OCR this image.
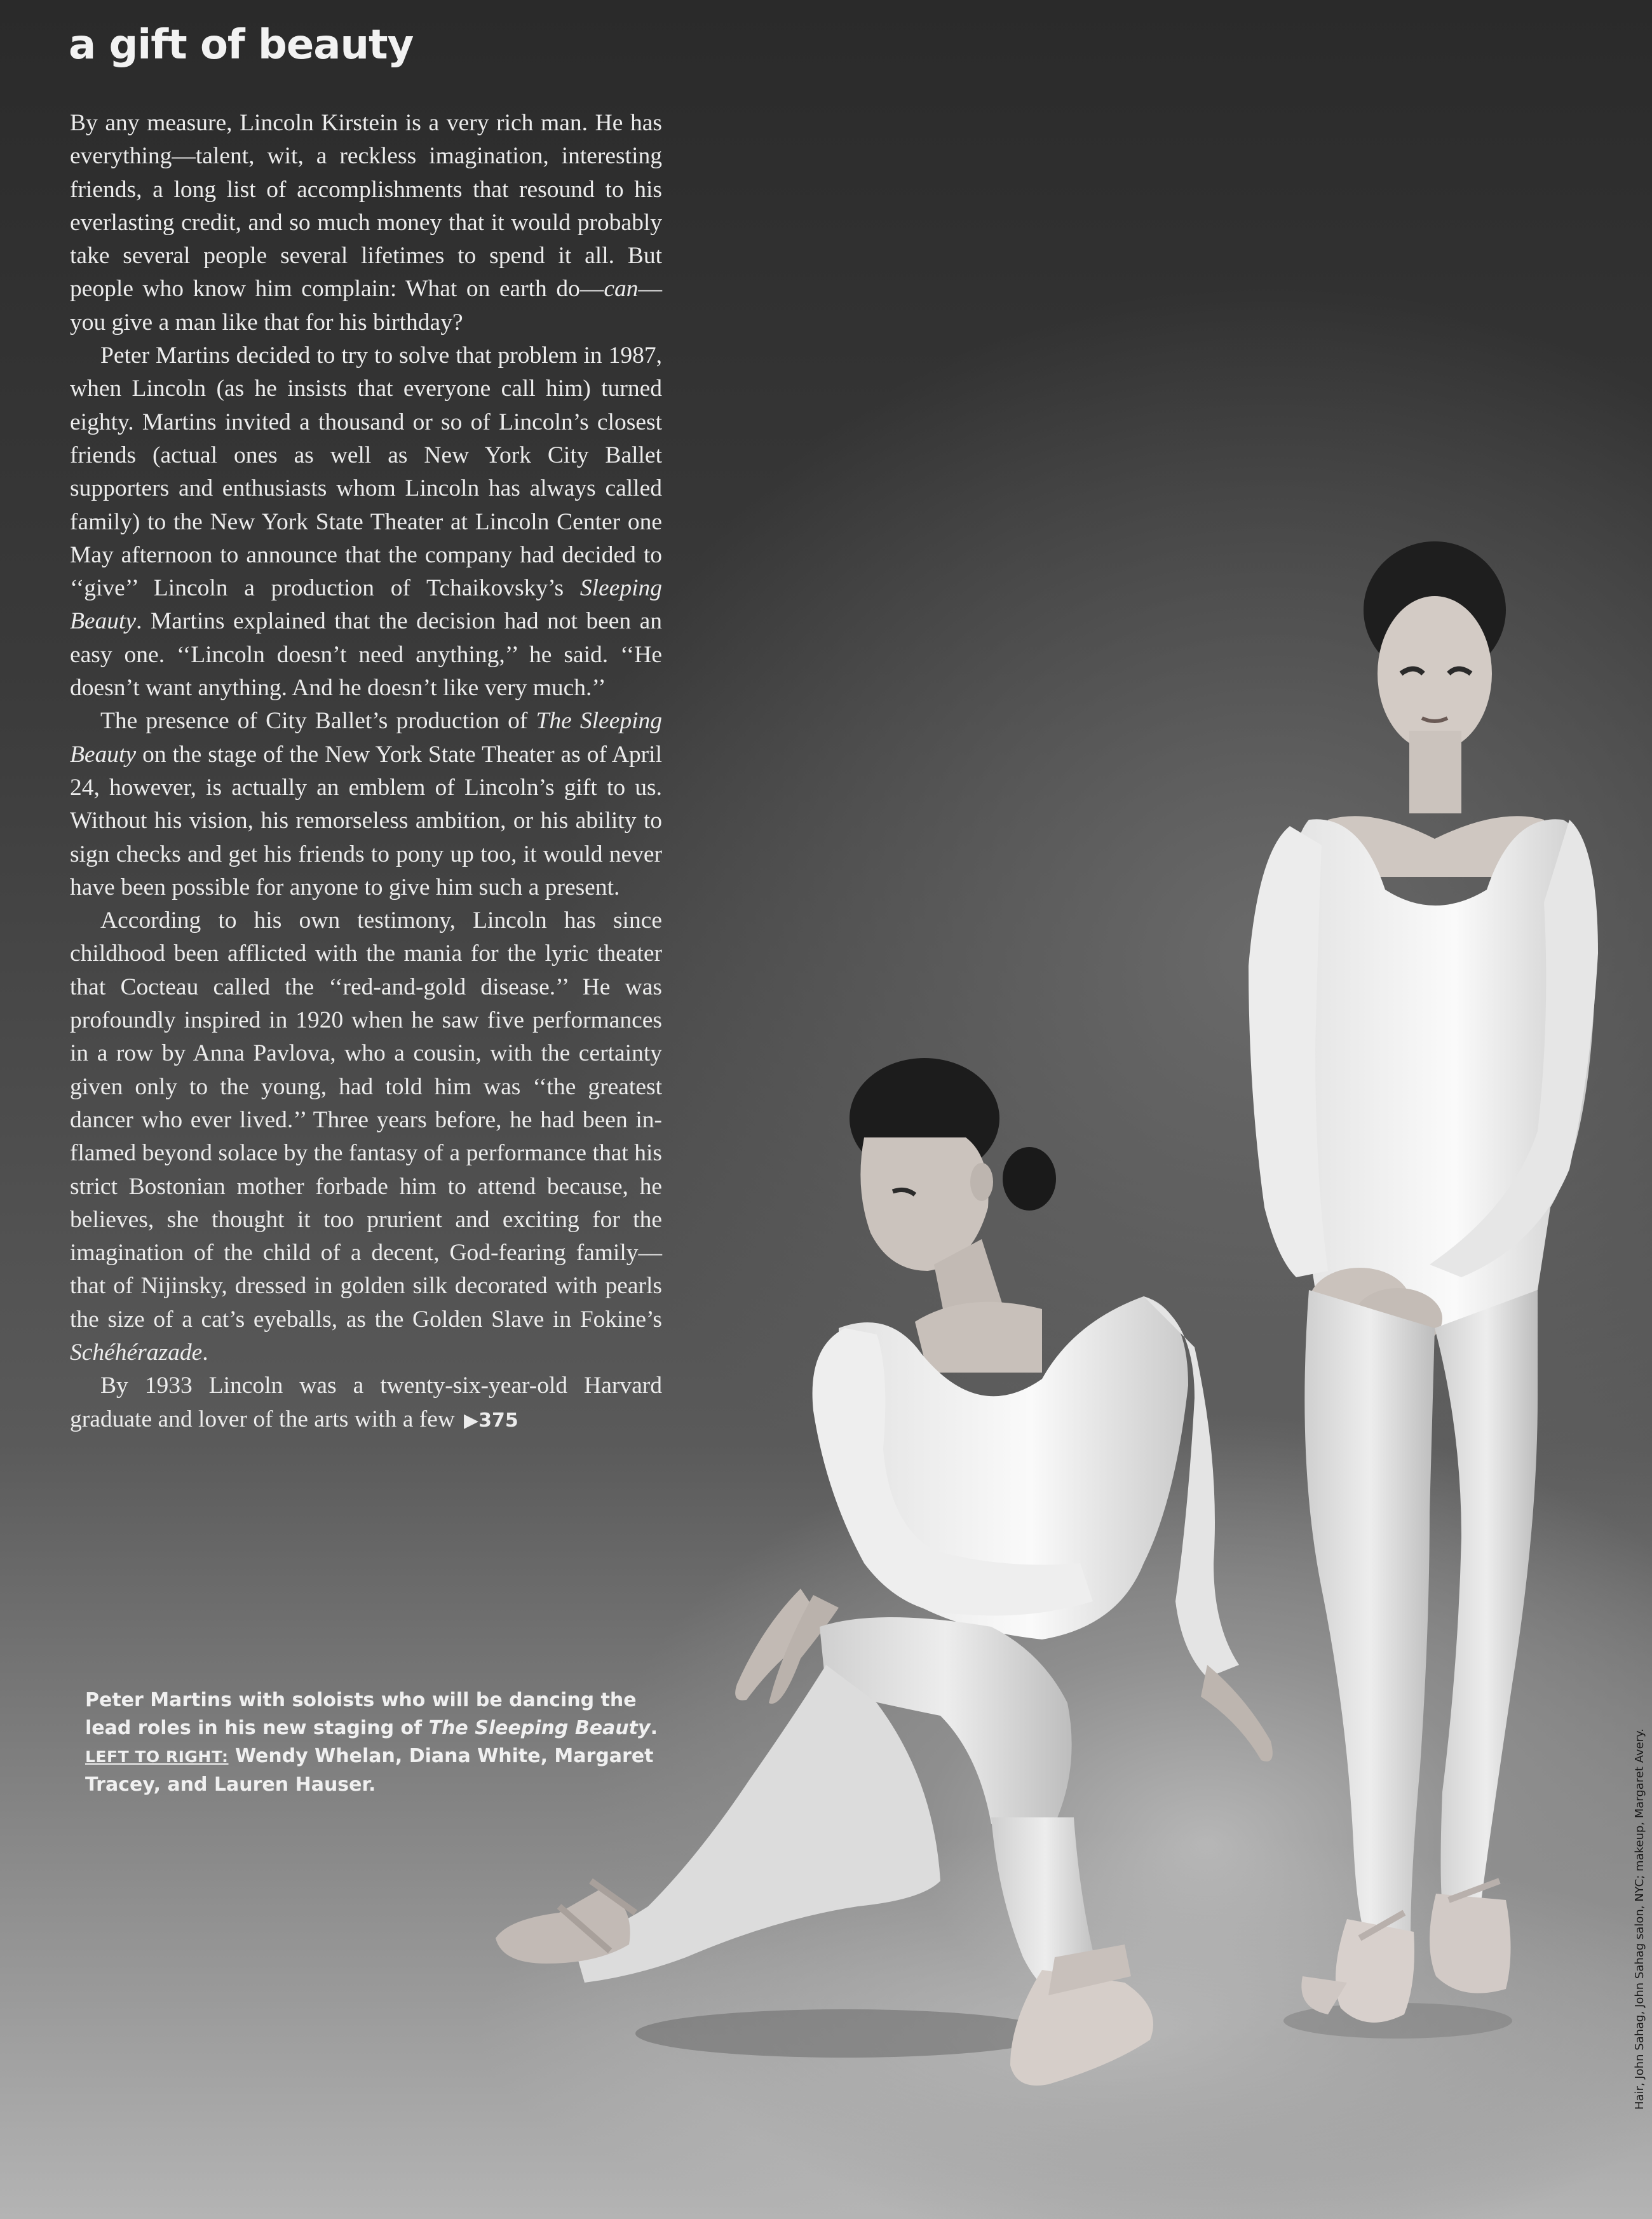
a gift of beauty

By any measure, Lincoln Kirstein is a very rich man. He has everything—talent, wit, a reckless imagination, interesting friends, a long list of accomplishments that resound to his everlasting credit, and so much money that it would probably take several people several lifetimes to spend it all. But people who know him complain: What on earth do—can—you give a man like that for his birthday?

Peter Martins decided to try to solve that problem in 1987, when Lincoln (as he insists that everyone call him) turned eighty. Martins invited a thousand or so of Lincoln’s closest friends (actual ones as well as New York City Ballet supporters and enthusiasts whom Lincoln has always called family) to the New York State Theater at Lincoln Center one May afternoon to announce that the company had decided to ‘‘give’’ Lincoln a production of Tchaikovsky’s Sleeping Beauty. Martins explained that the decision had not been an easy one. ‘‘Lincoln doesn’t need anything,’’ he said. ‘‘He doesn’t want anything. And he doesn’t like very much.’’

The presence of City Ballet’s production of The Sleeping Beauty on the stage of the New York State Theater as of April 24, however, is actually an emblem of Lincoln’s gift to us. Without his vision, his remorseless ambition, or his ability to sign checks and get his friends to pony up too, it would never have been possible for anyone to give him such a present.

According to his own testimony, Lincoln has since childhood been afflicted with the mania for the lyric theater that Cocteau called the ‘‘red-and-gold disease.’’ He was profoundly inspired in 1920 when he saw five performances in a row by Anna Pavlova, who a cousin, with the certainty given only to the young, had told him was ‘‘the greatest dancer who ever lived.’’ Three years before, he had been inflamed beyond solace by the fantasy of a performance that his strict Bostonian mother forbade him to attend because, he believes, she thought it too prurient and exciting for the imagination of the child of a decent, God-fearing family—that of Nijinsky, dressed in golden silk decorated with pearls the size of a cat’s eyeballs, as the Golden Slave in Fokine’s Schéhérazade.

By 1933 Lincoln was a twenty-six-year-old Harvard graduate and lover of the arts with a few ▶375

Peter Martins with soloists who will be dancing the lead roles in his new staging of The Sleeping Beauty.
LEFT TO RIGHT: Wendy Whelan, Diana White, Margaret Tracey, and Lauren Hauser.	Hair, John Sahag, John Sahag salon, NYC; makeup, Margaret Avery.
